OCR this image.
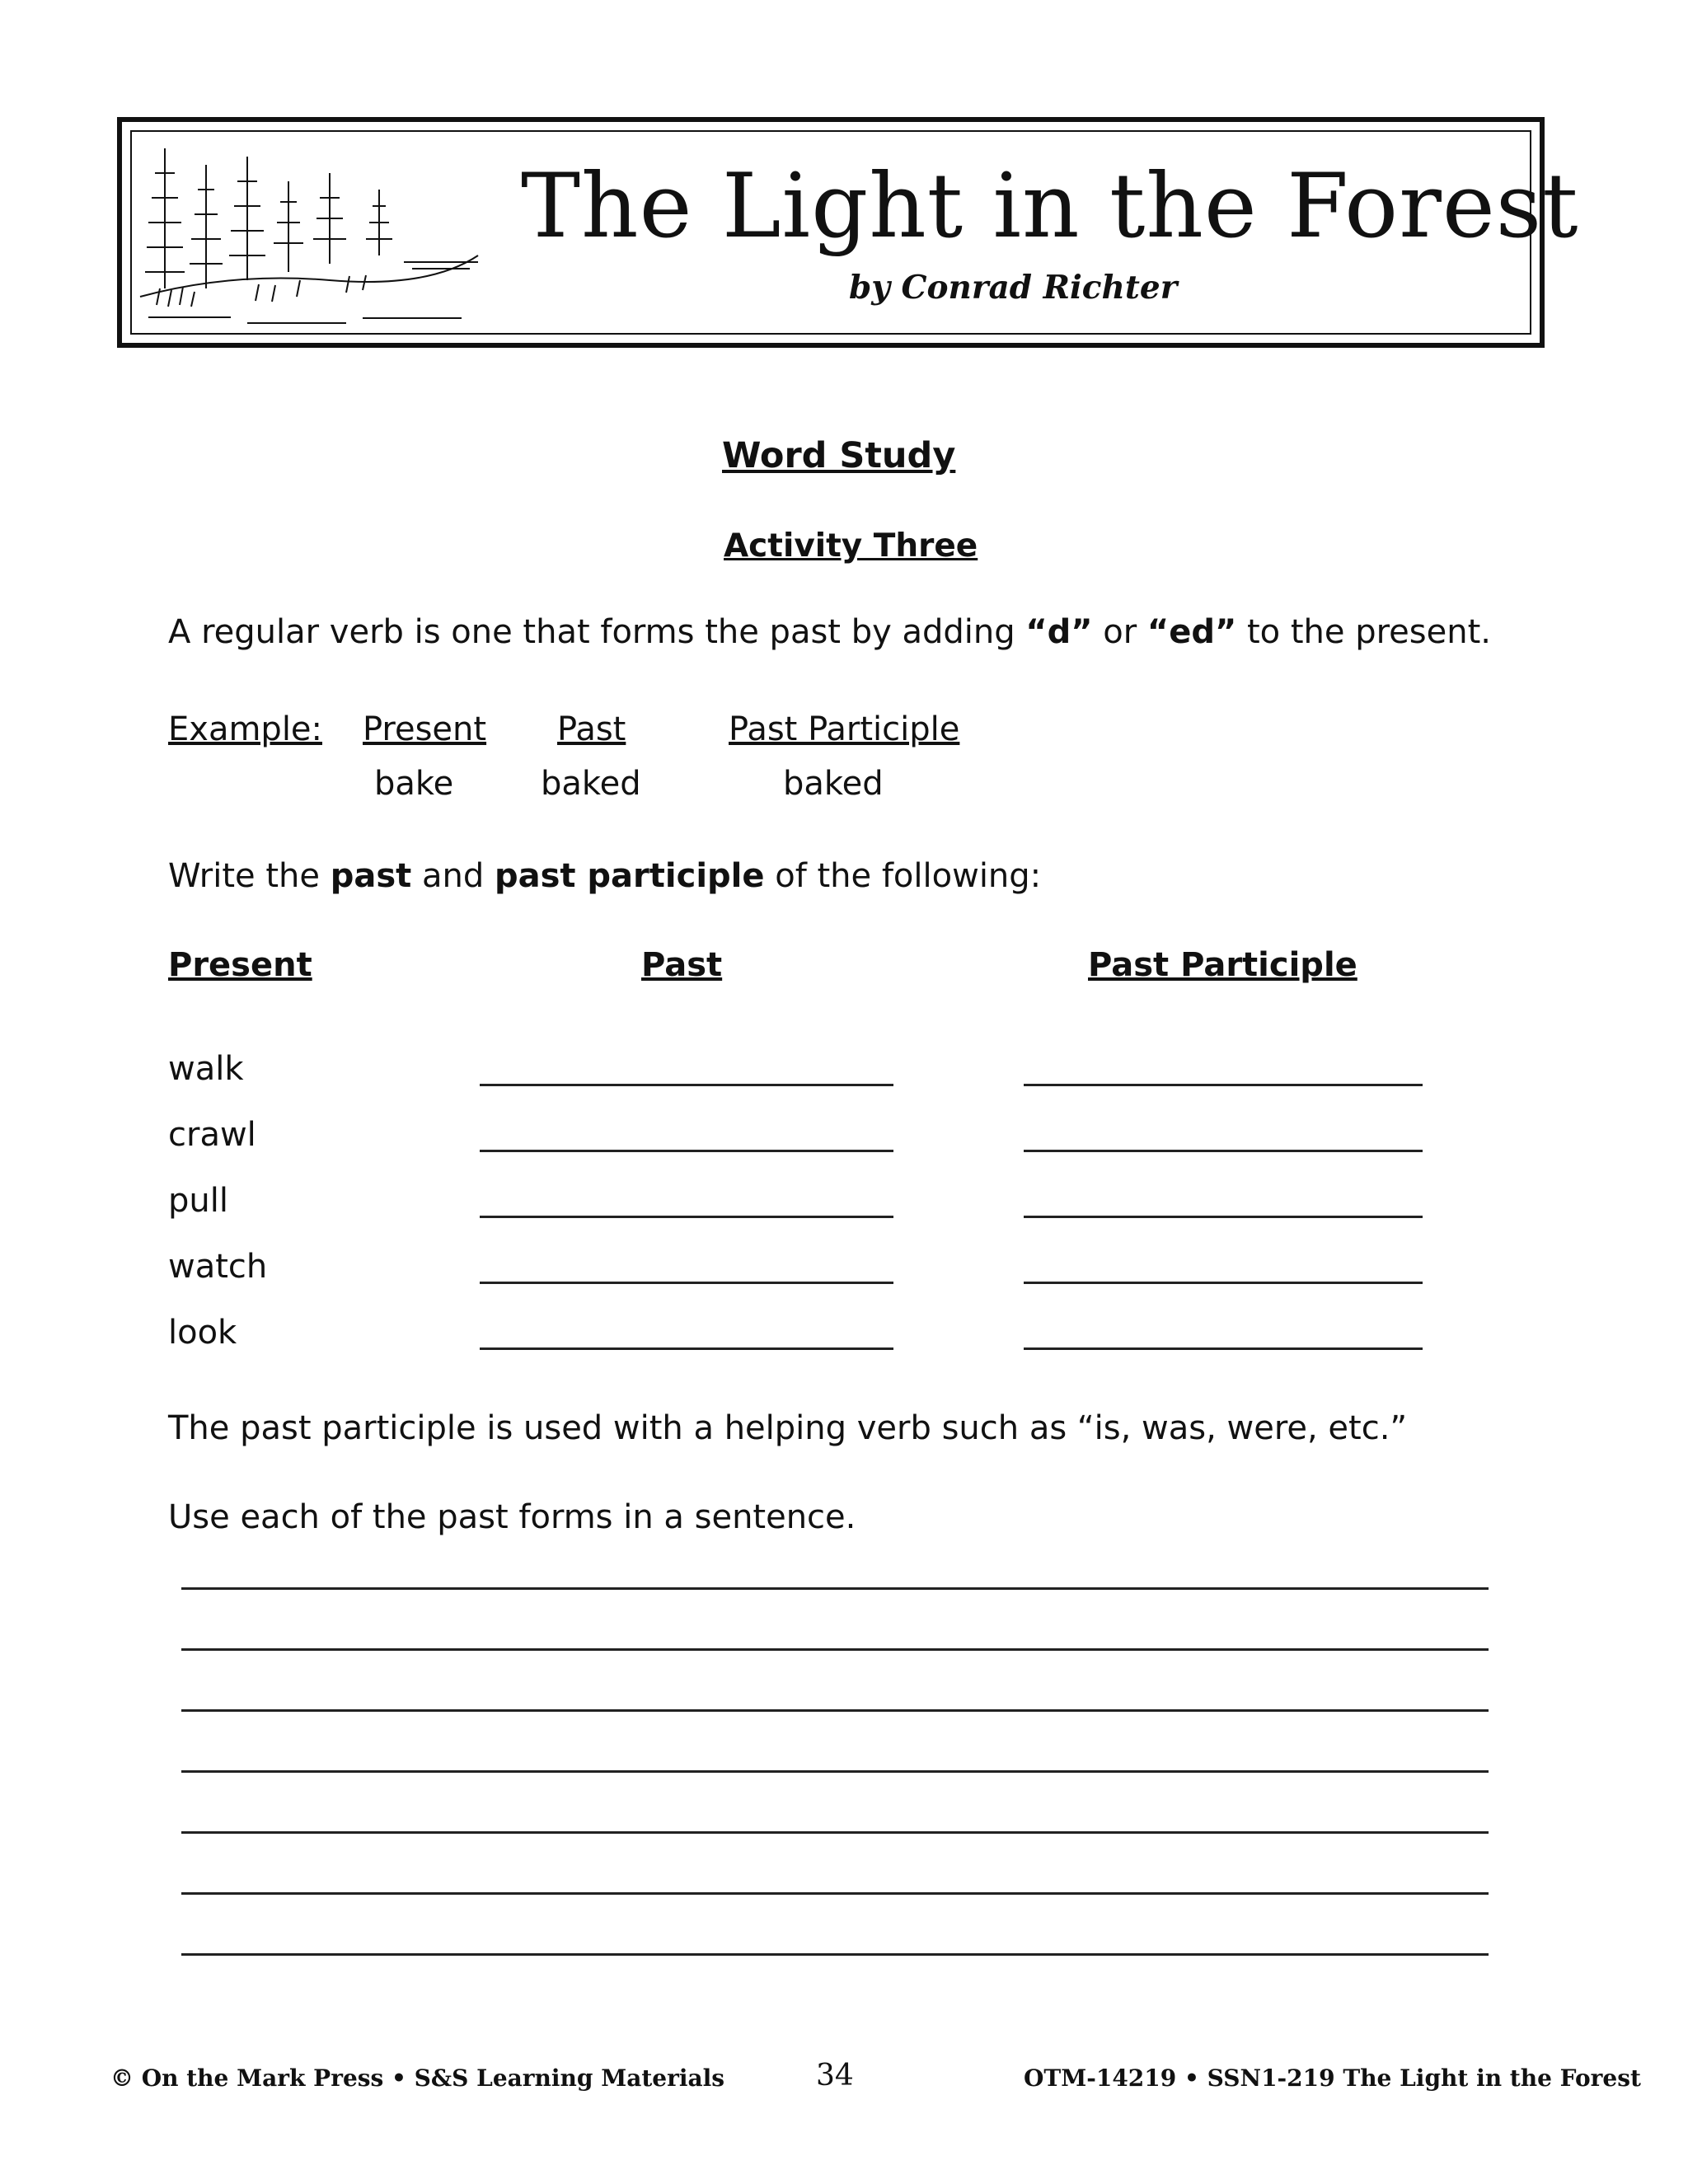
The Light in the Forest
by Conrad Richter
Word Study
Activity Three
A regular verb is one that forms the past by adding “d” or “ed” to the present.
Example: Present Past	Past Participle
bake	baked	baked
Write the past and past participle of the following:
Present	Past	Past Participle
walk
crawl
pull
watch
look
The past participle is used with a helping verb such as “is, was, were, etc.”
Use each of the past forms in a sentence.
© On the Mark Press • S&S Learning Materials	34	OTM-14219 • SSN1-219 The Light in the Forest
